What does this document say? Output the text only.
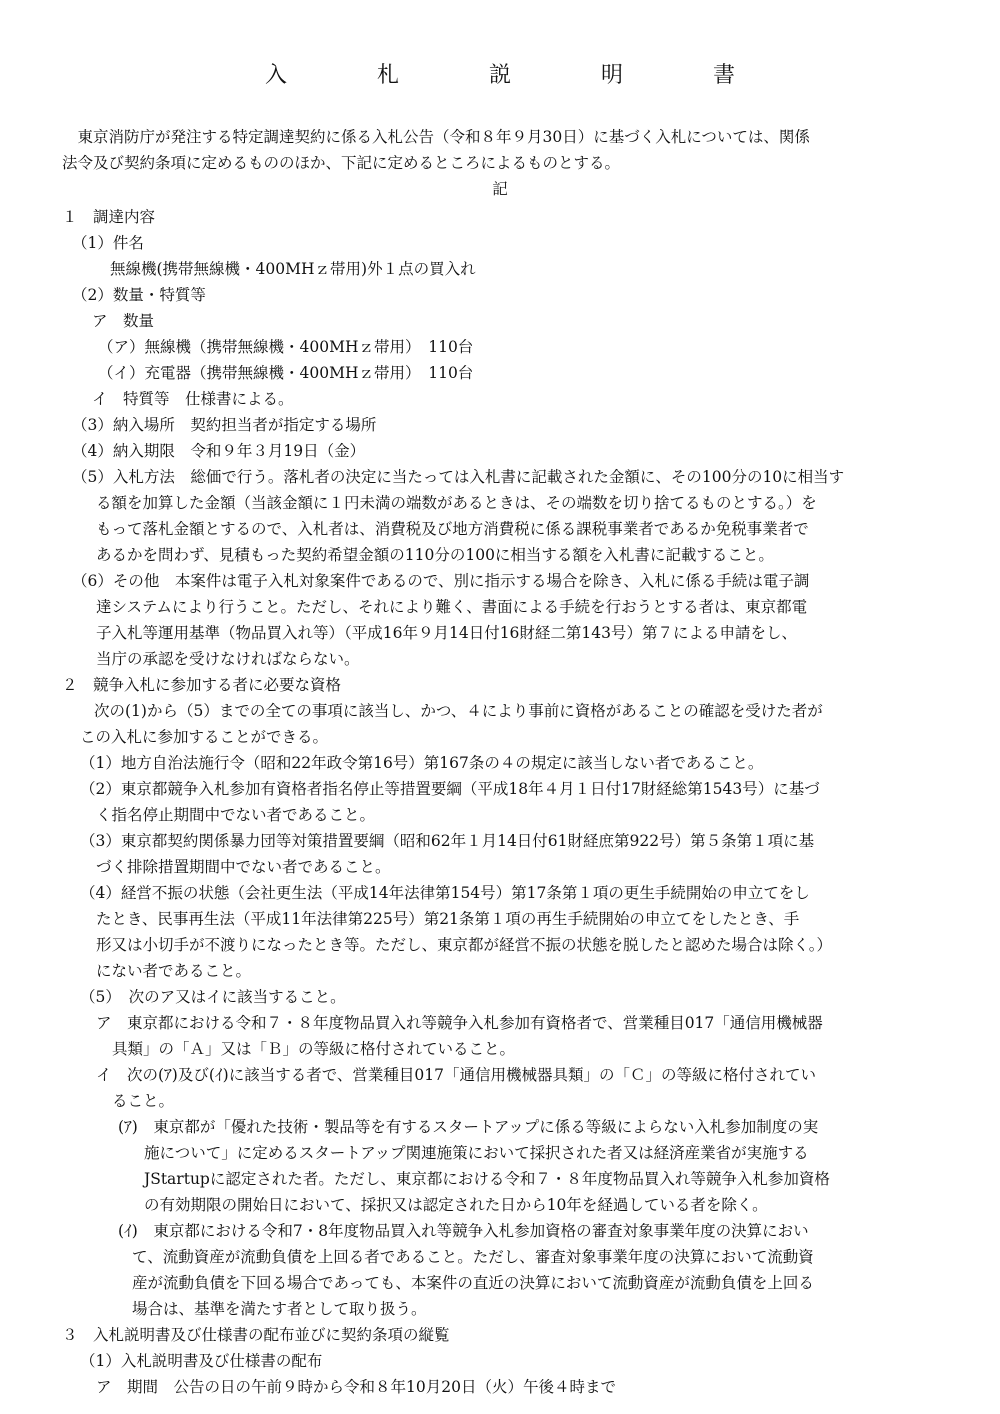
入　札　説　明　書
　東京消防庁が発注する特定調達契約に係る入札公告（令和８年９月30日）に基づく入札については、関係
法令及び契約条項に定めるもののほか、下記に定めるところによるものとする。
記
１　調達内容
（1）件名
無線機(携帯無線機・400MHｚ帯用)外１点の買入れ
（2）数量・特質等
ア　数量
（ア）無線機（携帯無線機・400MHｚ帯用）　110台
（イ）充電器（携帯無線機・400MHｚ帯用）　110台
イ　特質等　仕様書による。
（3）納入場所　契約担当者が指定する場所
（4）納入期限　令和９年３月19日（金）
（5）入札方法　総価で行う。落札者の決定に当たっては入札書に記載された金額に、その100分の10に相当す
る額を加算した金額（当該金額に１円未満の端数があるときは、その端数を切り捨てるものとする。）を
もって落札金額とするので、入札者は、消費税及び地方消費税に係る課税事業者であるか免税事業者で
あるかを問わず、見積もった契約希望金額の110分の100に相当する額を入札書に記載すること。
（6）その他　本案件は電子入札対象案件であるので、別に指示する場合を除き、入札に係る手続は電子調
達システムにより行うこと。ただし、それにより難く、書面による手続を行おうとする者は、東京都電
子入札等運用基準（物品買入れ等）（平成16年９月14日付16財経二第143号）第７による申請をし、
当庁の承認を受けなければならない。
２　競争入札に参加する者に必要な資格
次の(1)から（5）までの全ての事項に該当し、かつ、４により事前に資格があることの確認を受けた者が
この入札に参加することができる。
（1）地方自治法施行令（昭和22年政令第16号）第167条の４の規定に該当しない者であること。
（2）東京都競争入札参加有資格者指名停止等措置要綱（平成18年４月１日付17財経総第1543号）に基づ
く指名停止期間中でない者であること。
（3）東京都契約関係暴力団等対策措置要綱（昭和62年１月14日付61財経庶第922号）第５条第１項に基
づく排除措置期間中でない者であること。
（4）経営不振の状態（会社更生法（平成14年法律第154号）第17条第１項の更生手続開始の申立てをし
たとき、民事再生法（平成11年法律第225号）第21条第１項の再生手続開始の申立てをしたとき、手
形又は小切手が不渡りになったとき等。ただし、東京都が経営不振の状態を脱したと認めた場合は除く。）
にない者であること。
（5）　次のア又はイに該当すること。
ア　東京都における令和７・８年度物品買入れ等競争入札参加有資格者で、営業種目017「通信用機械器
具類」の「Ａ」又は「Ｂ」の等級に格付されていること。
イ　次の(ｱ)及び(ｲ)に該当する者で、営業種目017「通信用機械器具類」の「Ｃ」の等級に格付されてい
ること。
(ｱ)　東京都が「優れた技術・製品等を有するスタートアップに係る等級によらない入札参加制度の実
施について」に定めるスタートアップ関連施策において採択された者又は経済産業省が実施する
JStartupに認定された者。ただし、東京都における令和７・８年度物品買入れ等競争入札参加資格
の有効期限の開始日において、採択又は認定された日から10年を経過している者を除く。
(ｲ)　東京都における令和7・8年度物品買入れ等競争入札参加資格の審査対象事業年度の決算におい
て、流動資産が流動負債を上回る者であること。ただし、審査対象事業年度の決算において流動資
産が流動負債を下回る場合であっても、本案件の直近の決算において流動資産が流動負債を上回る
場合は、基準を満たす者として取り扱う。
３　入札説明書及び仕様書の配布並びに契約条項の縦覧
（1）入札説明書及び仕様書の配布
ア　期間　公告の日の午前９時から令和８年10月20日（火）午後４時まで
